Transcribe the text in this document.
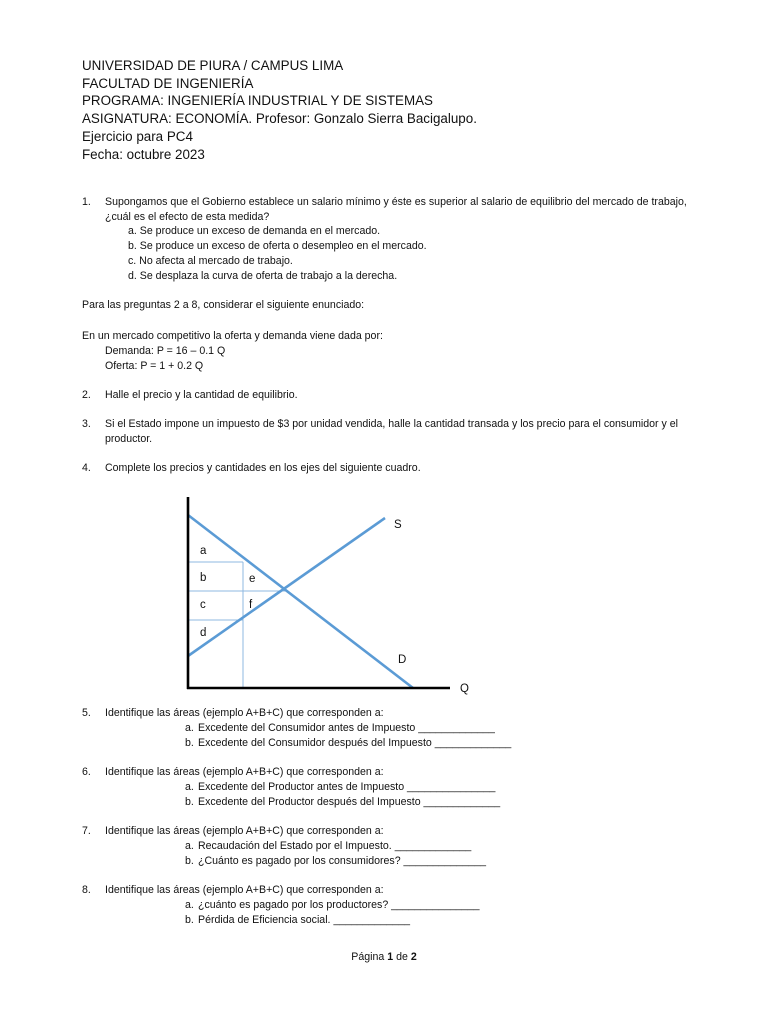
UNIVERSIDAD DE PIURA / CAMPUS LIMA
FACULTAD DE INGENIERÍA
PROGRAMA: INGENIERÍA INDUSTRIAL Y DE SISTEMAS
ASIGNATURA: ECONOMÍA. Profesor: Gonzalo Sierra Bacigalupo.
Ejercicio para PC4
Fecha: octubre 2023
1. Supongamos que el Gobierno establece un salario mínimo y éste es superior al salario de equilibrio del mercado de trabajo, ¿cuál es el efecto de esta medida?
a. Se produce un exceso de demanda en el mercado.
b. Se produce un exceso de oferta o desempleo en el mercado.
c. No afecta al mercado de trabajo.
d. Se desplaza la curva de oferta de trabajo a la derecha.
Para las preguntas 2 a 8, considerar el siguiente enunciado:
En un mercado competitivo la oferta y demanda viene dada por:
Demanda: P = 16 – 0.1 Q
Oferta: P = 1 + 0.2 Q
2. Halle el precio y la cantidad de equilibrio.
3. Si el Estado impone un impuesto de $3 por unidad vendida, halle la cantidad transada y los precio para el consumidor y el productor.
4. Complete los precios y cantidades en los ejes del siguiente cuadro.
S
D
Q
a
b
c
d
e
f
5. Identifique las áreas (ejemplo A+B+C) que corresponden a:
a. Excedente del Consumidor antes de Impuesto _____________
b. Excedente del Consumidor después del Impuesto _____________
6. Identifique las áreas (ejemplo A+B+C) que corresponden a:
a. Excedente del Productor antes de Impuesto _______________
b. Excedente del Productor después del Impuesto _____________
7. Identifique las áreas (ejemplo A+B+C) que corresponden a:
a. Recaudación del Estado por el Impuesto. _____________
b. ¿Cuánto es pagado por los consumidores? ______________
8. Identifique las áreas (ejemplo A+B+C) que corresponden a:
a. ¿cuánto es pagado por los productores? _______________
b. Pérdida de Eficiencia social. _____________
Página 1 de 2
